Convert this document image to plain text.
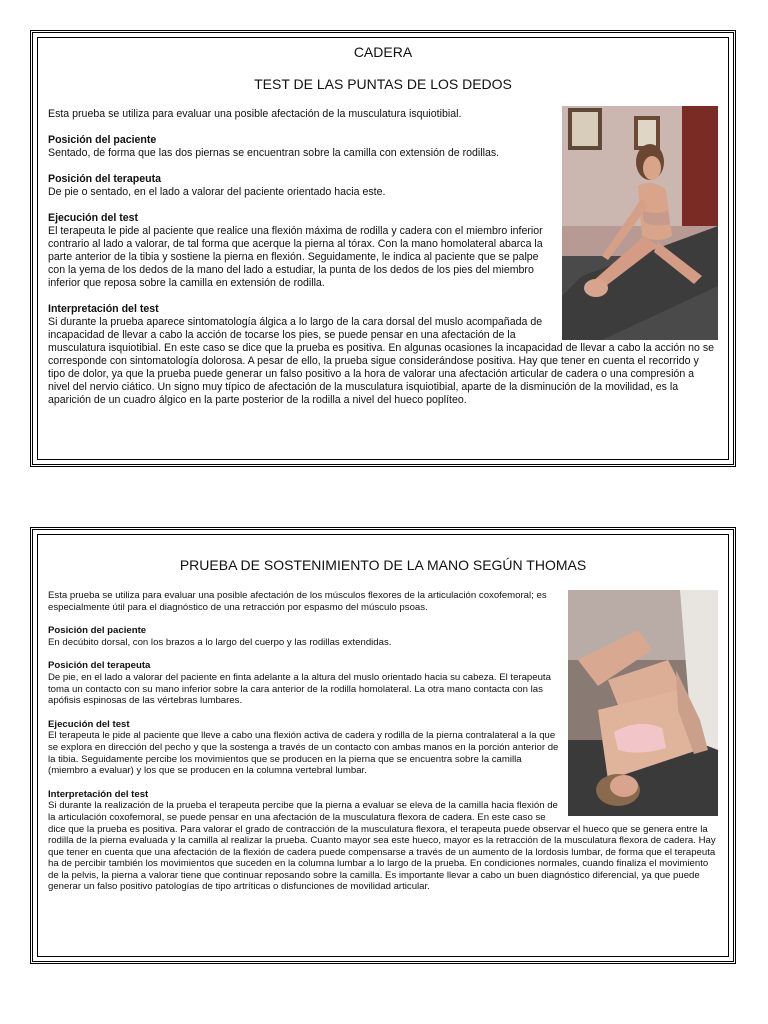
CADERA

TEST DE LAS PUNTAS DE LOS DEDOS

Esta prueba se utiliza para evaluar una posible afectación de la musculatura isquiotibial.

Posición del paciente

Sentado, de forma que las dos piernas se encuentran sobre la camilla con extensión de rodillas.

Posición del terapeuta

De pie o sentado, en el lado a valorar del paciente orientado hacia este.

Ejecución del test

El terapeuta le pide al paciente que realice una flexión máxima de rodilla y cadera con el miembro inferior contrario al lado a valorar, de tal forma que acerque la pierna al tórax. Con la mano homolateral abarca la parte anterior de la tibia y sostiene la pierna en flexión. Seguidamente, le indica al paciente que se palpe con la yema de los dedos de la mano del lado a estudiar, la punta de los dedos de los pies del miembro inferior que reposa sobre la camilla en extensión de rodilla.

Interpretación del test

Si durante la prueba aparece sintomatología álgica a lo largo de la cara dorsal del muslo acompañada de incapacidad de llevar a cabo la acción de tocarse los pies, se puede pensar en una afectación de la musculatura isquiotibial. En este caso se dice que la prueba es positiva. En algunas ocasiones la incapacidad de llevar a cabo la acción no se corresponde con sintomatología dolorosa. A pesar de ello, la prueba sigue considerándose positiva. Hay que tener en cuenta el recorrido y tipo de dolor, ya que la prueba puede generar un falso positivo a la hora de valorar una afectación articular de cadera o una compresión a nivel del nervio ciático. Un signo muy típico de afectación de la musculatura isquiotibial, aparte de la disminución de la movilidad, es la aparición de un cuadro álgico en la parte posterior de la rodilla a nivel del hueco poplíteo.

PRUEBA DE SOSTENIMIENTO DE LA MANO SEGÚN THOMAS

Esta prueba se utiliza para evaluar una posible afectación de los músculos flexores de la articulación coxofemoral; es especialmente útil para el diagnóstico de una retracción por espasmo del músculo psoas.

Posición del paciente

En decúbito dorsal, con los brazos a lo largo del cuerpo y las rodillas extendidas.

Posición del terapeuta

De pie, en el lado a valorar del paciente en finta adelante a la altura del muslo orientado hacia su cabeza. El terapeuta toma un contacto con su mano inferior sobre la cara anterior de la rodilla homolateral. La otra mano contacta con las apófisis espinosas de las vértebras lumbares.

Ejecución del test

El terapeuta le pide al paciente que lleve a cabo una flexión activa de cadera y rodilla de la pierna contralateral a la que se explora en dirección del pecho y que la sostenga a través de un contacto con ambas manos en la porción anterior de la tibia. Seguidamente percibe los movimientos que se producen en la pierna que se encuentra sobre la camilla (miembro a evaluar) y los que se producen en la columna vertebral lumbar.

Interpretación del test

Si durante la realización de la prueba el terapeuta percibe que la pierna a evaluar se eleva de la camilla hacia flexión de la articulación coxofemoral, se puede pensar en una afectación de la musculatura flexora de cadera. En este caso se dice que la prueba es positiva. Para valorar el grado de contracción de la musculatura flexora, el terapeuta puede observar el hueco que se genera entre la rodilla de la pierna evaluada y la camilla al realizar la prueba. Cuanto mayor sea este hueco, mayor es la retracción de la musculatura flexora de cadera. Hay que tener en cuenta que una afectación de la flexión de cadera puede compensarse a través de un aumento de la lordosis lumbar, de forma que el terapeuta ha de percibir también los movimientos que suceden en la columna lumbar a lo largo de la prueba. En condiciones normales, cuando finaliza el movimiento de la pelvis, la pierna a valorar tiene que continuar reposando sobre la camilla. Es importante llevar a cabo un buen diagnóstico diferencial, ya que puede generar un falso positivo patologías de tipo artríticas o disfunciones de movilidad articular.
